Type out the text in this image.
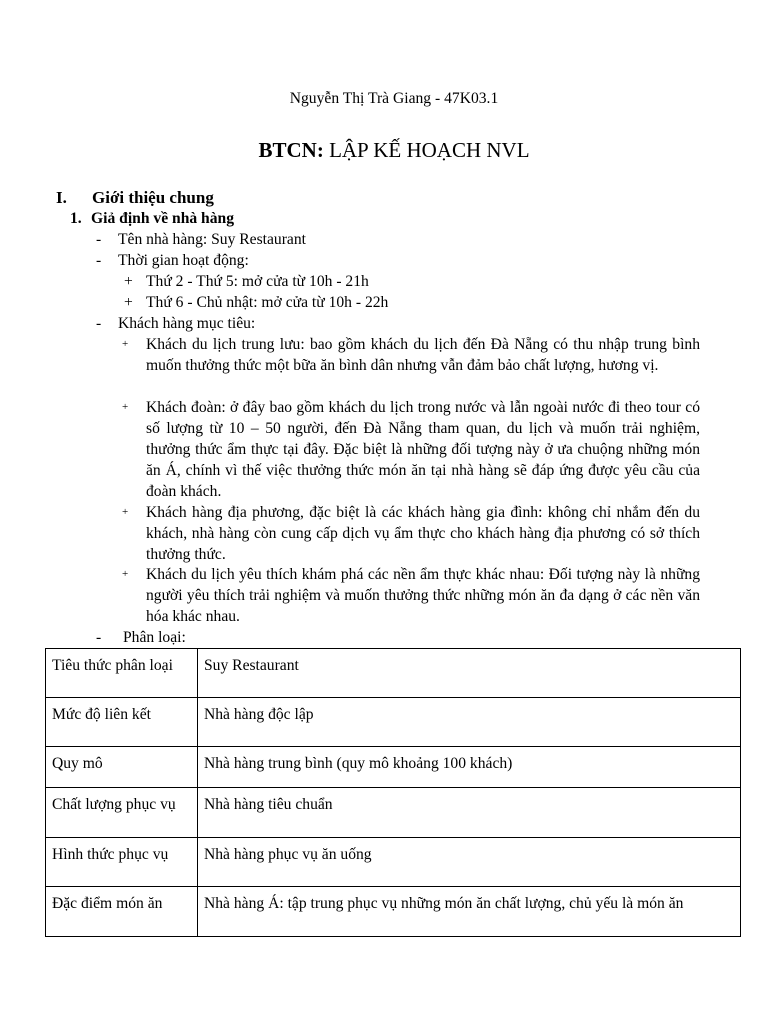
Nguyễn Thị Trà Giang - 47K03.1
BTCN: LẬP KẾ HOẠCH NVL
I. Giới thiệu chung
1. Giả định về nhà hàng
- Tên nhà hàng: Suy Restaurant
- Thời gian hoạt động:
+ Thứ 2 - Thứ 5: mở cửa từ 10h - 21h
+ Thứ 6 - Chủ nhật: mở cửa từ 10h - 22h
- Khách hàng mục tiêu:
+ Khách du lịch trung lưu: bao gồm khách du lịch đến Đà Nẵng có thu nhập trung bình muốn thưởng thức một bữa ăn bình dân nhưng vẫn đảm bảo chất lượng, hương vị.
+ Khách đoàn: ở đây bao gồm khách du lịch trong nước và lẫn ngoài nước đi theo tour có số lượng từ 10 – 50 người, đến Đà Nẵng tham quan, du lịch và muốn trải nghiệm, thưởng thức ẩm thực tại đây. Đặc biệt là những đối tượng này ở ưa chuộng những món ăn Á, chính vì thế việc thưởng thức món ăn tại nhà hàng sẽ đáp ứng được yêu cầu của đoàn khách.
+ Khách hàng địa phương, đặc biệt là các khách hàng gia đình: không chỉ nhắm đến du khách, nhà hàng còn cung cấp dịch vụ ẩm thực cho khách hàng địa phương có sở thích thưởng thức.
+ Khách du lịch yêu thích khám phá các nền ẩm thực khác nhau: Đối tượng này là những người yêu thích trải nghiệm và muốn thưởng thức những món ăn đa dạng ở các nền văn hóa khác nhau.
- Phân loại:
Tiêu thức phân loại	Suy Restaurant
Mức độ liên kết	Nhà hàng độc lập
Quy mô	Nhà hàng trung bình (quy mô khoảng 100 khách)
Chất lượng phục vụ	Nhà hàng tiêu chuẩn
Hình thức phục vụ	Nhà hàng phục vụ ăn uống
Đặc điểm món ăn	Nhà hàng Á: tập trung phục vụ những món ăn chất lượng, chủ yếu là món ăn
